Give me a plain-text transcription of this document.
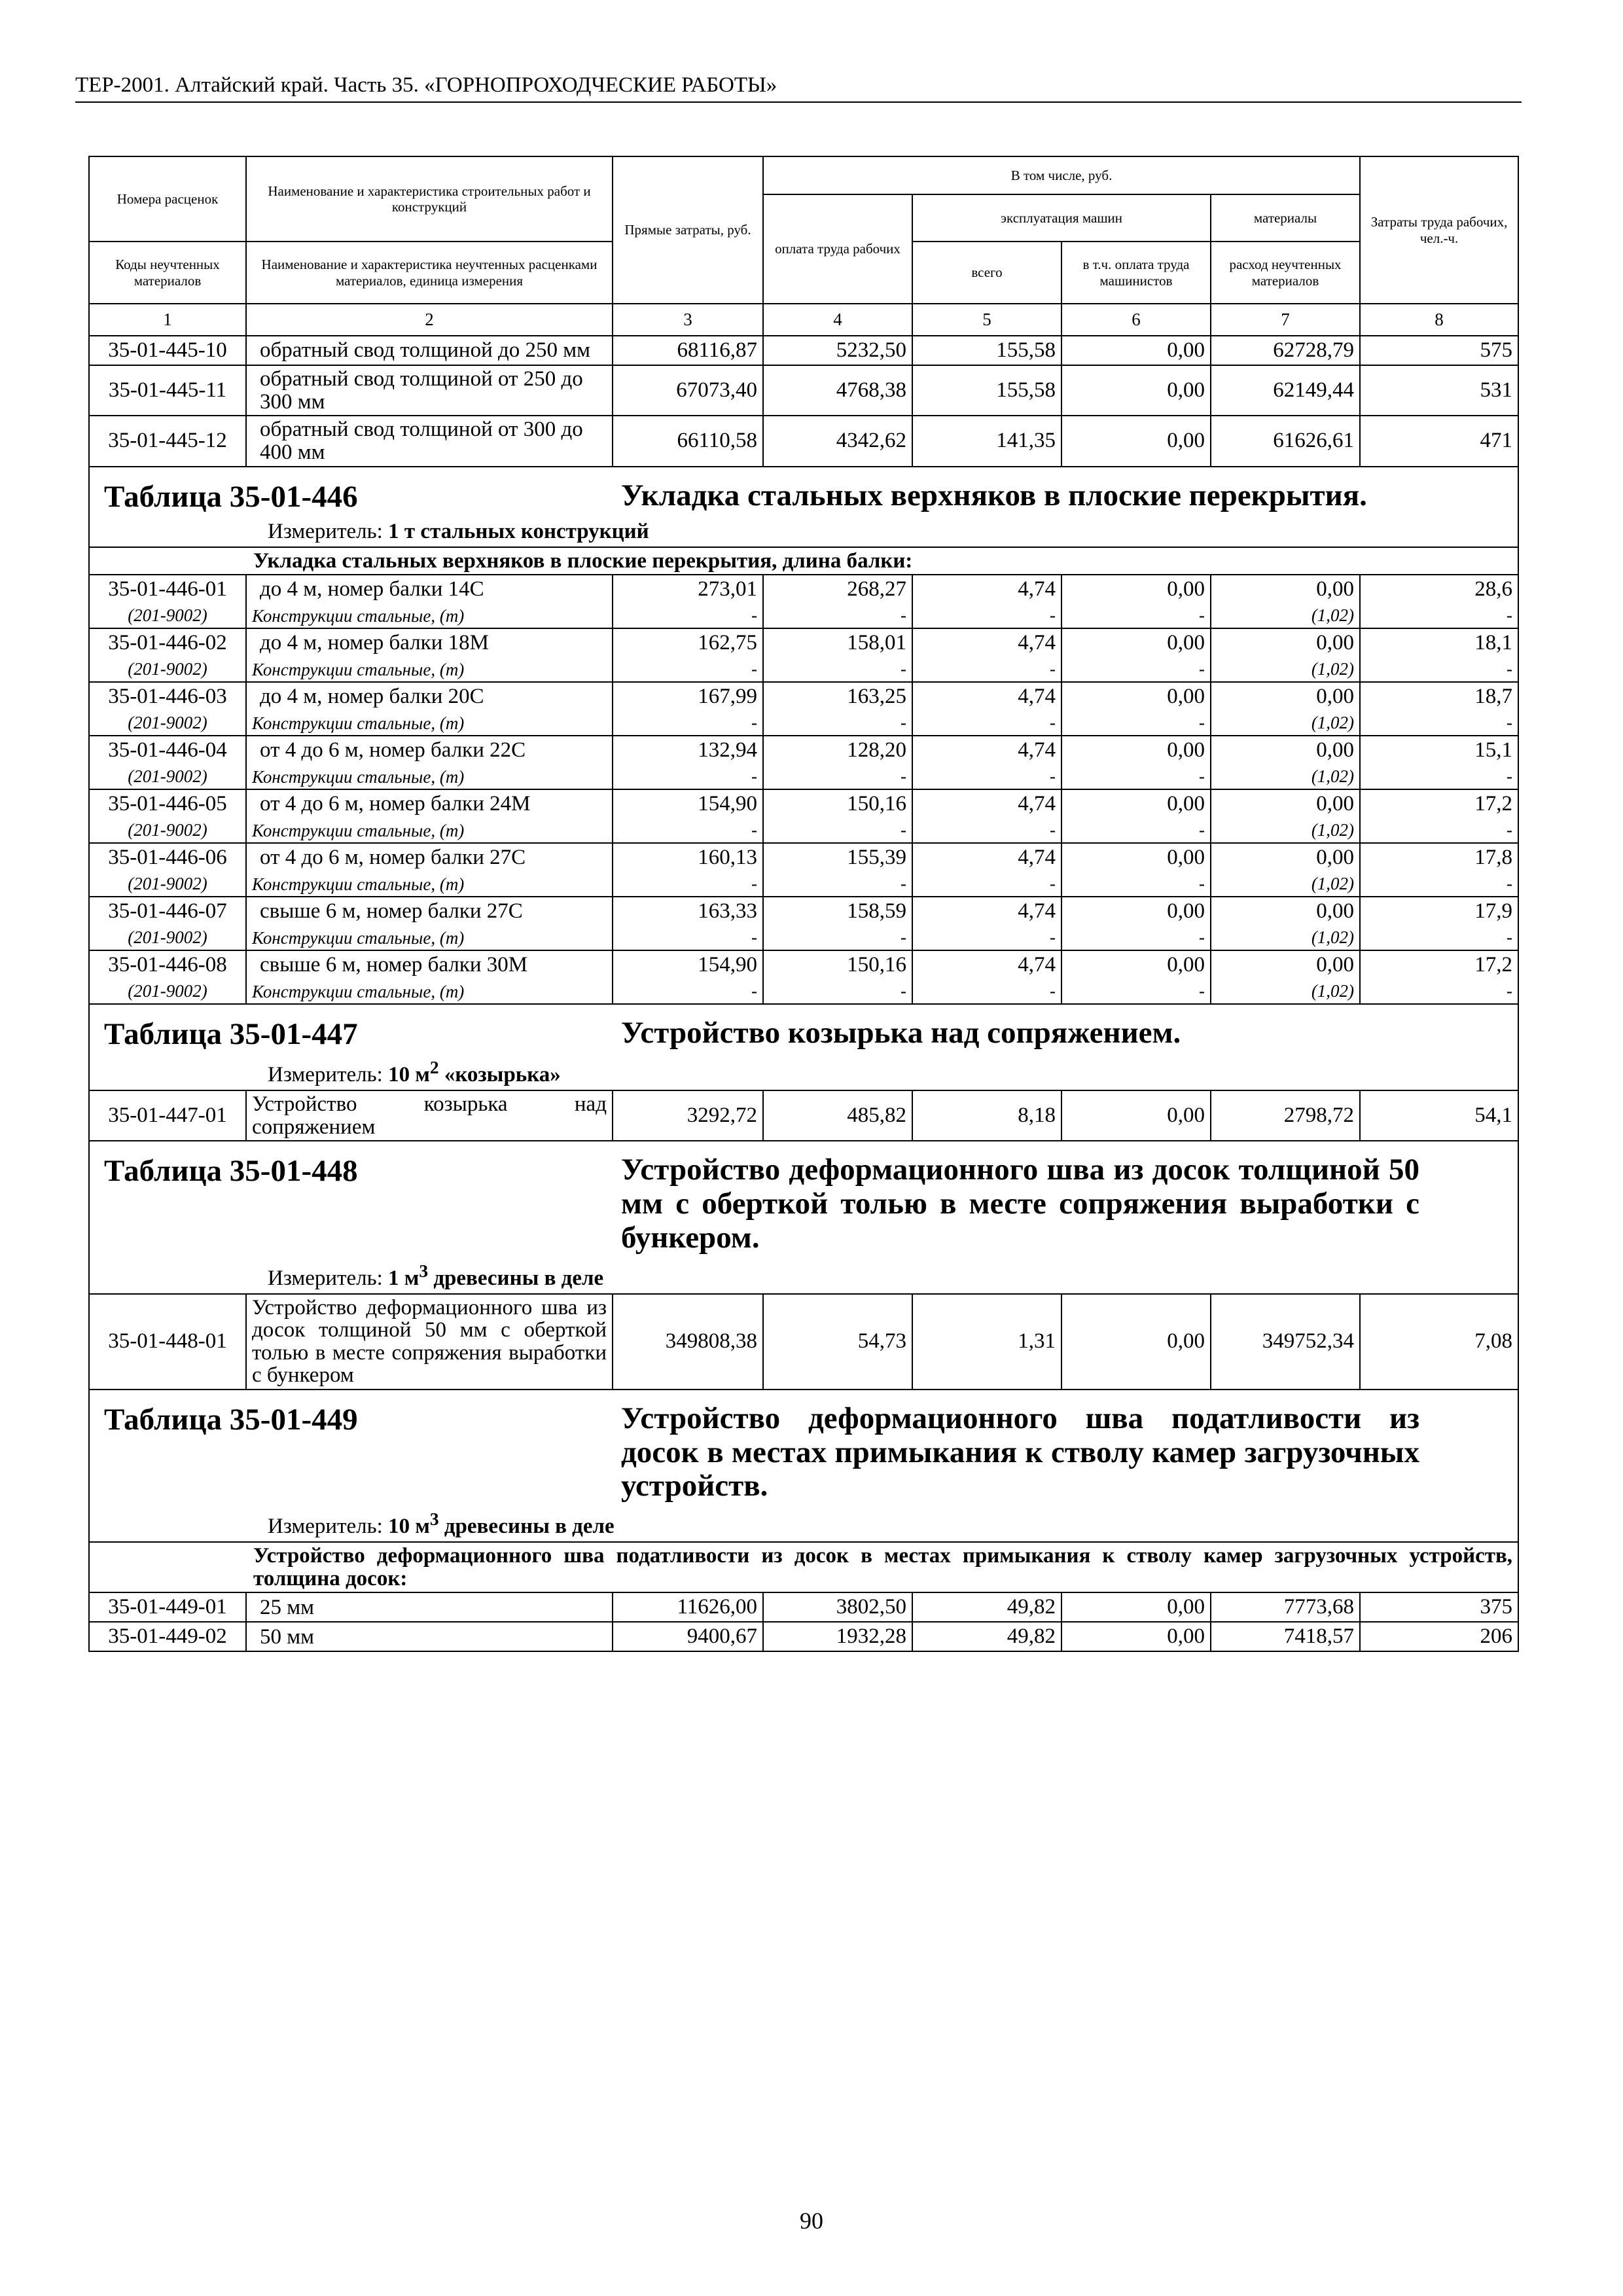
ТЕР-2001. Алтайский край. Часть 35. «ГОРНОПРОХОДЧЕСКИЕ РАБОТЫ»
Номера расценок	Наименование и характеристика строительных работ и конструкций	Прямые затраты, руб.	В том числе, руб.				Затраты труда рабочих, чел.-ч.
			оплата труда рабочих	эксплуатация машин		материалы	
Коды неучтенных материалов	Наименование и характеристика неучтенных расценками материалов, единица измерения			всего	в т.ч. оплата труда машинистов	расход неучтенных материалов	
1	2	3	4	5	6	7	8
35-01-445-10	обратный свод толщиной до 250 мм	68116,87	5232,50	155,58	0,00	62728,79	575
35-01-445-11	обратный свод толщиной от 250 до 300 мм	67073,40	4768,38	155,58	0,00	62149,44	531
35-01-445-12	обратный свод толщиной от 300 до 400 мм	66110,58	4342,62	141,35	0,00	61626,61	471
Таблица 35-01-446 Укладка стальных верхняков в плоские перекрытия.
Измеритель: 1 т стальных конструкций							

Укладка стальных верхняков в плоские перекрытия, длина балки:							
35-01-446-01	до 4 м, номер балки 14С	273,01	268,27	4,74	0,00	0,00	28,6
(201-9002)	Конструкции стальные, (т)	-	-	-	-	(1,02)	-
35-01-446-02	до 4 м, номер балки 18М	162,75	158,01	4,74	0,00	0,00	18,1
(201-9002)	Конструкции стальные, (т)	-	-	-	-	(1,02)	-
35-01-446-03	до 4 м, номер балки 20С	167,99	163,25	4,74	0,00	0,00	18,7
(201-9002)	Конструкции стальные, (т)	-	-	-	-	(1,02)	-
35-01-446-04	от 4 до 6 м, номер балки 22С	132,94	128,20	4,74	0,00	0,00	15,1
(201-9002)	Конструкции стальные, (т)	-	-	-	-	(1,02)	-
35-01-446-05	от 4 до 6 м, номер балки 24М	154,90	150,16	4,74	0,00	0,00	17,2
(201-9002)	Конструкции стальные, (т)	-	-	-	-	(1,02)	-
35-01-446-06	от 4 до 6 м, номер балки 27С	160,13	155,39	4,74	0,00	0,00	17,8
(201-9002)	Конструкции стальные, (т)	-	-	-	-	(1,02)	-
35-01-446-07	свыше 6 м, номер балки 27С	163,33	158,59	4,74	0,00	0,00	17,9
(201-9002)	Конструкции стальные, (т)	-	-	-	-	(1,02)	-
35-01-446-08	свыше 6 м, номер балки 30М	154,90	150,16	4,74	0,00	0,00	17,2
(201-9002)	Конструкции стальные, (т)	-	-	-	-	(1,02)	-
Таблица 35-01-447 Устройство козырька над сопряжением.
Измеритель: 10 $м^2$ «козырька»							

35-01-447-01	Устройство козырька над сопряжением	3292,72	485,82	8,18	0,00	2798,72	54,1
Таблица 35-01-448 Устройство деформационного шва из досок толщиной 50 мм с оберткой толью в месте сопряжения выработки с бункером.
Измеритель: 1 $м^3$ древесины в деле							

35-01-448-01	Устройство деформационного шва из досок толщиной 50 мм с оберткой толью в месте сопряжения выработки с бункером	349808,38	54,73	1,31	0,00	349752,34	7,08
Таблица 35-01-449 Устройство деформационного шва податливости из досок в местах примыкания к стволу камер загрузочных устройств.
Измеритель: 10 $м^3$ древесины в деле							

Устройство деформационного шва податливости из досок в местах примыкания к стволу камер загрузочных устройств, толщина досок:							
35-01-449-01	25 мм	11626,00	3802,50	49,82	0,00	7773,68	375
35-01-449-02	50 мм	9400,67	1932,28	49,82	0,00	7418,57	206
90
